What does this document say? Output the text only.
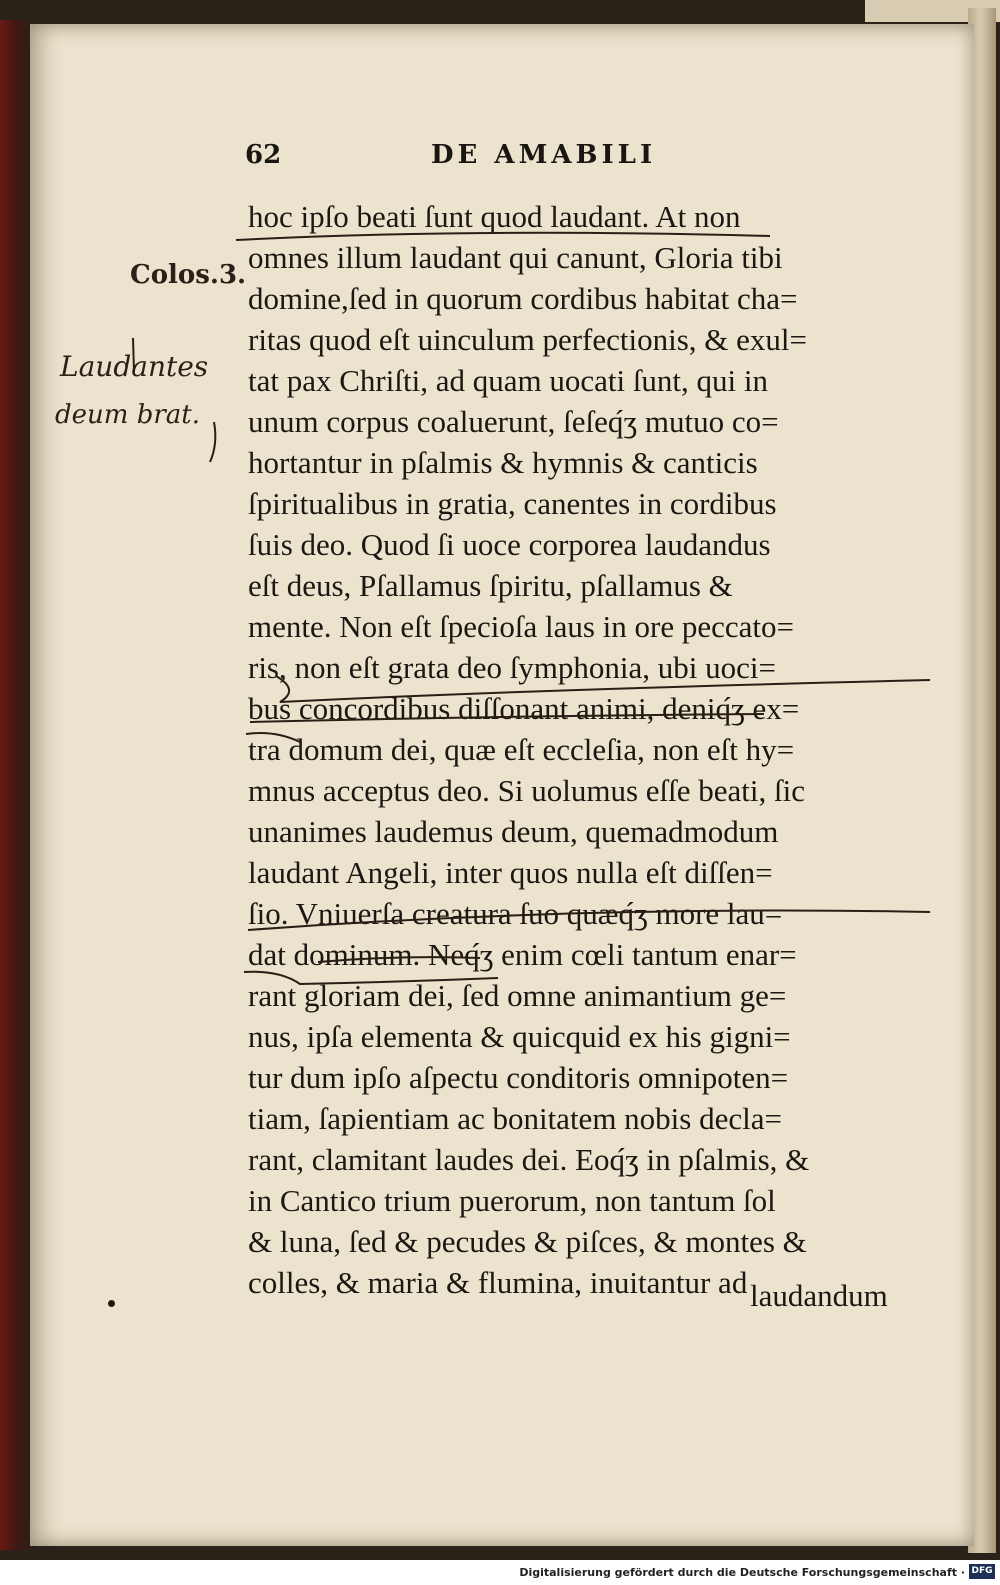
62	DE AMABILI
Colos.3.
Laudantes
deum brat.
hoc ipſo beati ſunt quod laudant. At non
omnes illum laudant qui canunt, Gloria tibi
domine,ſed in quorum cordibus habitat cha=
ritas quod eſt uinculum perfectionis, & exul=
tat pax Chriſti, ad quam uocati ſunt, qui in
unum corpus coaluerunt, ſeſeq́ʒ mutuo co=
hortantur in pſalmis & hymnis & canticis
ſpiritualibus in gratia, canentes in cordibus
ſuis deo. Quod ſi uoce corporea laudandus
eſt deus, Pſallamus ſpiritu, pſallamus &
mente. Non eſt ſpecioſa laus in ore peccato=
ris, non eſt grata deo ſymphonia, ubi uoci=
bus concordibus diſſonant animi, deniq́ʒ ex=
tra domum dei, quæ eſt eccleſia, non eſt hy=
mnus acceptus deo. Si uolumus eſſe beati, ſic
unanimes laudemus deum, quemadmodum
laudant Angeli, inter quos nulla eſt diſſen=
ſio. Vniuerſa creatura ſuo quæq́ʒ more lau=
dat dominum. Neq́ʒ enim cœli tantum enar=
rant gloriam dei, ſed omne animantium ge=
nus, ipſa elementa & quicquid ex his gigni=
tur dum ipſo aſpectu conditoris omnipoten=
tiam, ſapientiam ac bonitatem nobis decla=
rant, clamitant laudes dei. Eoq́ʒ in pſalmis, &
in Cantico trium puerorum, non tantum ſol
& luna, ſed & pecudes & piſces, & montes &
colles, & maria & flumina, inuitantur ad laudandum
Digitalisierung gefördert durch die Deutsche Forschungsgemeinschaft · DFG
